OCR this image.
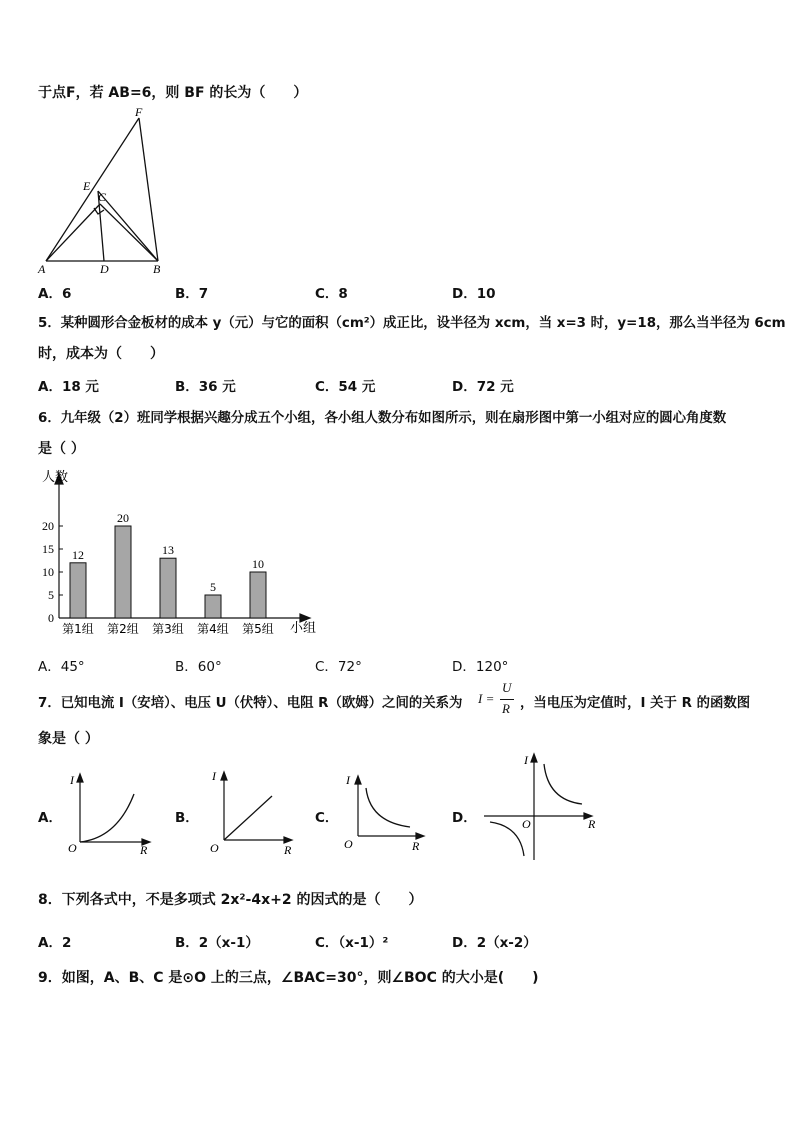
于点F，若 AB=6，则 BF 的长为（　　）
F
E
C
A	D	B
A．6	B．7	C．8	D．10
5．某种圆形合金板材的成本 y（元）与它的面积（cm²）成正比，设半径为 xcm，当 x=3 时，y=18，那么当半径为 6cm
时，成本为（　　）
A．18 元	B．36 元	C．54 元	D．72 元
6．九年级（2）班同学根据兴趣分成五个小组，各小组人数分布如图所示，则在扇形图中第一小组对应的圆心角度数
是（ ）
人数
小组
0
5
10
15
20
12
第1组
20
第2组
13
第3组
5
第4组
10
第5组
A．45°	B．60°	C．72°	D．120°
7．已知电流 I（安培）、电压 U（伏特）、电阻 R（欧姆）之间的关系为 I =
U
R ，当电压为定值时，I 关于 R 的函数图
象是（ ）
A．	B．	C．	D．
I
O	R
I
O	R
I
O	R
I
O	R
8．下列各式中，不是多项式 2x²-4x+2 的因式的是（　　）
A．2	B．2（x-1）	C．（x-1）²	D．2（x-2）
9．如图，A、B、C 是⊙O 上的三点，∠BAC=30°，则∠BOC 的大小是(　　)
